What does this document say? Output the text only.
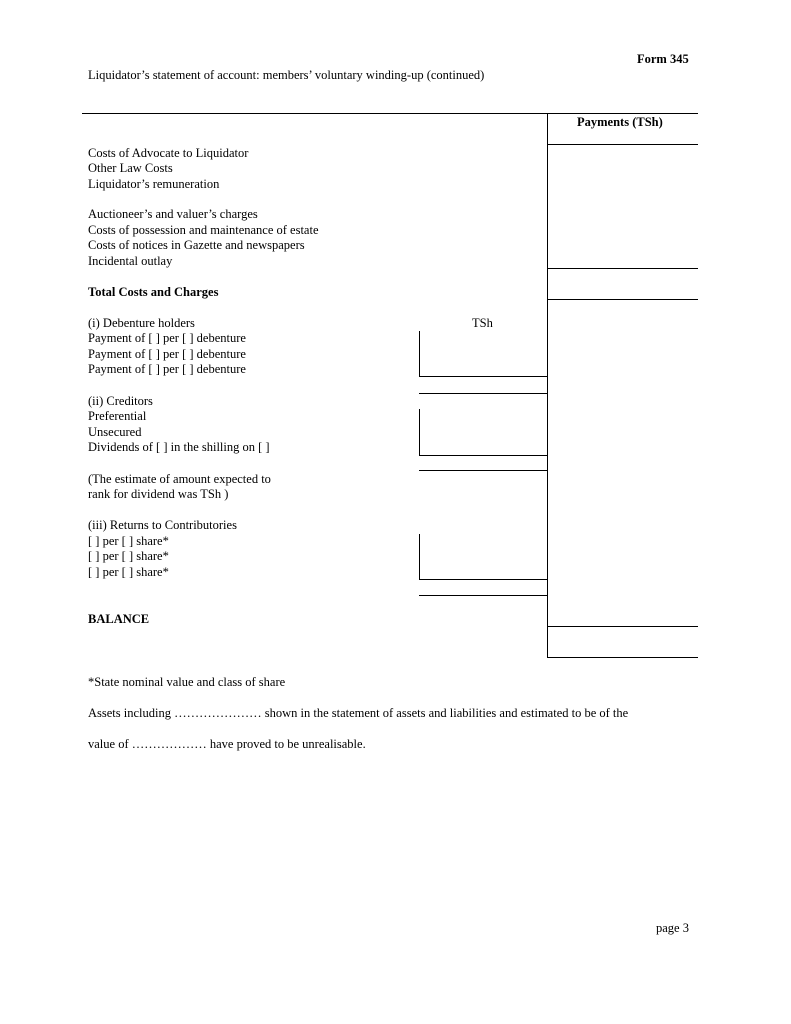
Form 345
Liquidator’s statement of account: members’ voluntary winding-up (continued)
Payments (TSh)
Costs of Advocate to Liquidator
Other Law Costs
Liquidator’s remuneration
Auctioneer’s and valuer’s charges
Costs of possession and maintenance of estate
Costs of notices in Gazette and newspapers
Incidental outlay
Total Costs and Charges
(i) Debenture holders	TSh
Payment of [ ] per [ ] debenture
Payment of [ ] per [ ] debenture
Payment of [ ] per [ ] debenture
(ii) Creditors
Preferential
Unsecured
Dividends of [ ] in the shilling on [ ]
(The estimate of amount expected to
rank for dividend was TSh )
(iii) Returns to Contributories
[ ] per [ ] share*
[ ] per [ ] share*
[ ] per [ ] share*
BALANCE
*State nominal value and class of share
Assets including ………………… shown in the statement of assets and liabilities and estimated to be of the
value of ……………… have proved to be unrealisable.
page 3
